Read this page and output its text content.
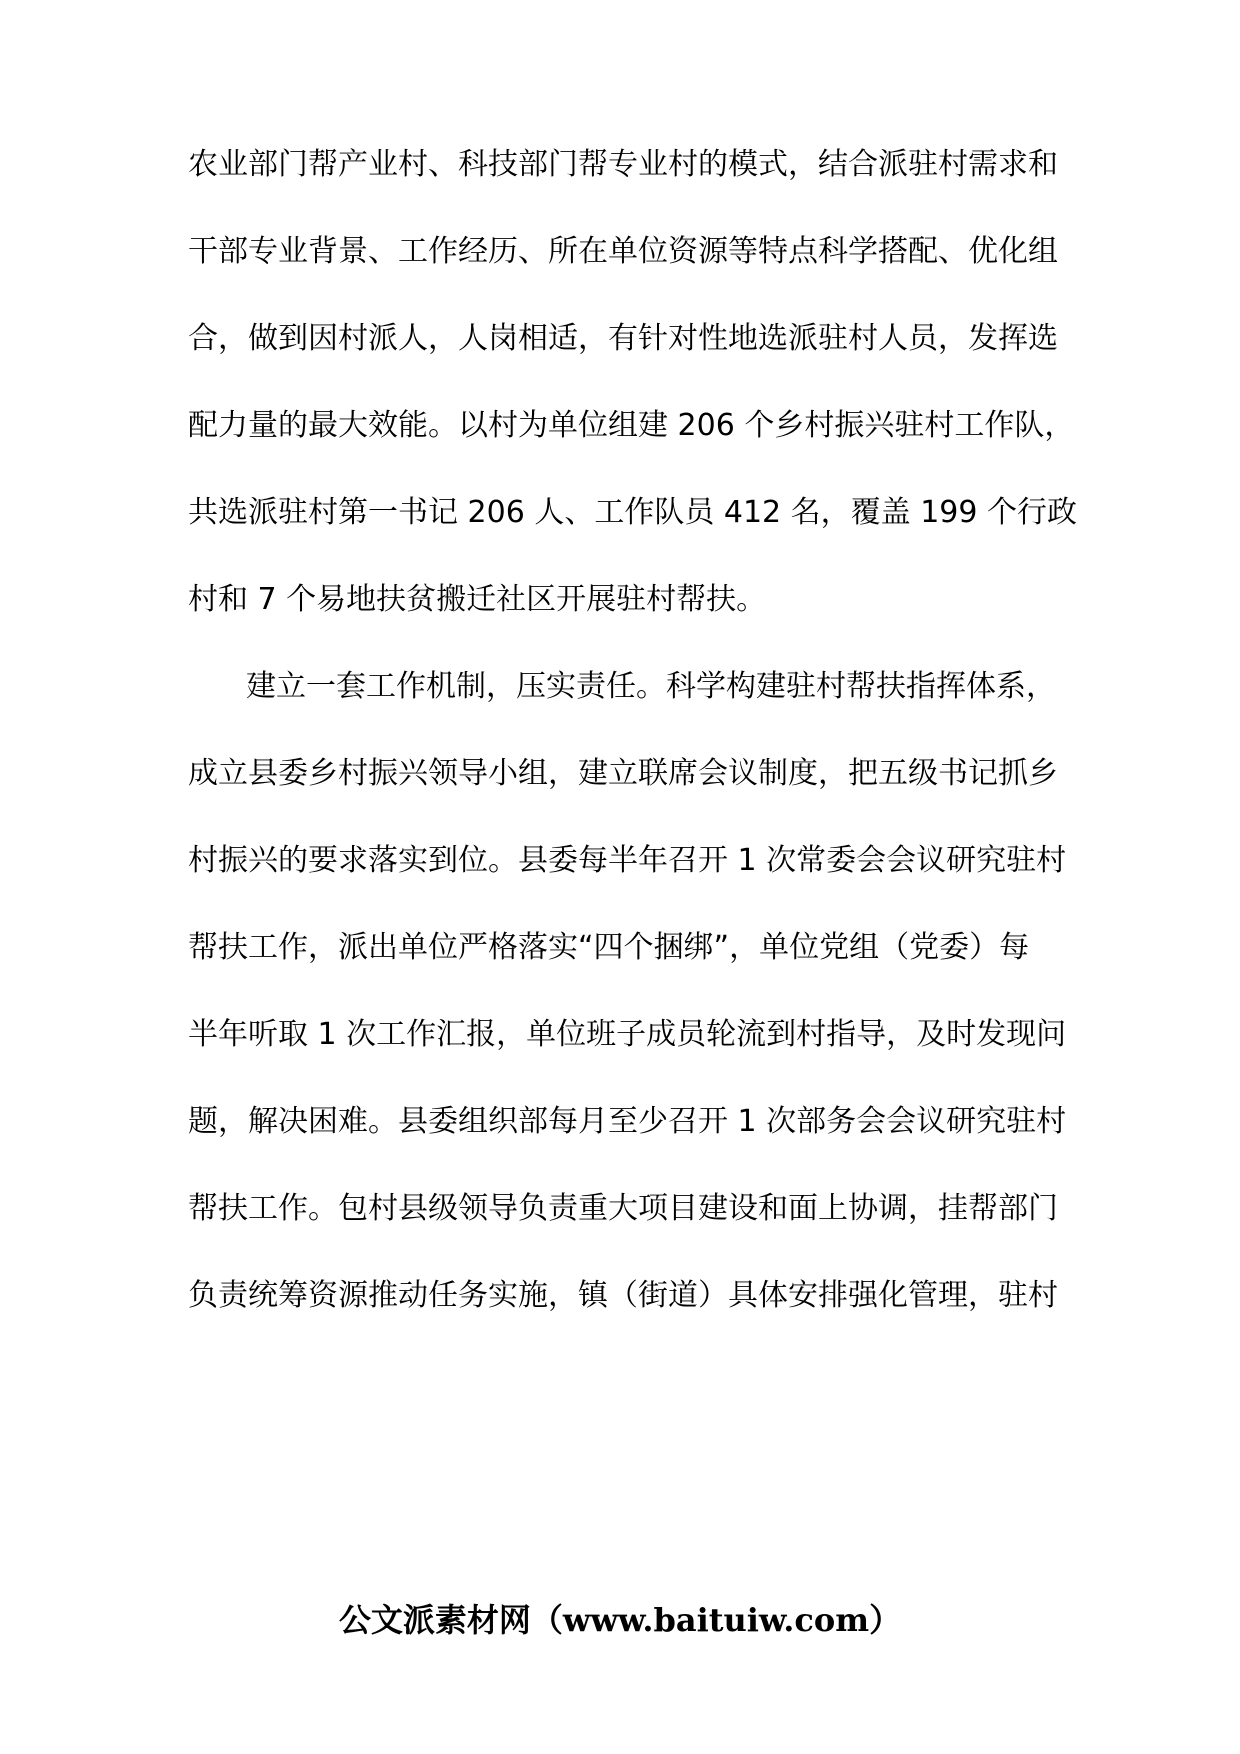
农业部门帮产业村、科技部门帮专业村的模式，结合派驻村需求和
干部专业背景、工作经历、所在单位资源等特点科学搭配、优化组
合，做到因村派人，人岗相适，有针对性地选派驻村人员，发挥选
配力量的最大效能。以村为单位组建 206 个乡村振兴驻村工作队，
共选派驻村第一书记 206 人、工作队员 412 名，覆盖 199 个行政
村和 7 个易地扶贫搬迁社区开展驻村帮扶。
建立一套工作机制，压实责任。科学构建驻村帮扶指挥体系，
成立县委乡村振兴领导小组，建立联席会议制度，把五级书记抓乡
村振兴的要求落实到位。县委每半年召开 1 次常委会会议研究驻村
帮扶工作，派出单位严格落实“四个捆绑”，单位党组（党委）每
半年听取 1 次工作汇报，单位班子成员轮流到村指导，及时发现问
题，解决困难。县委组织部每月至少召开 1 次部务会会议研究驻村
帮扶工作。包村县级领导负责重大项目建设和面上协调，挂帮部门
负责统筹资源推动任务实施，镇（街道）具体安排强化管理，驻村
公文派素材网（www.baituiw.com）
